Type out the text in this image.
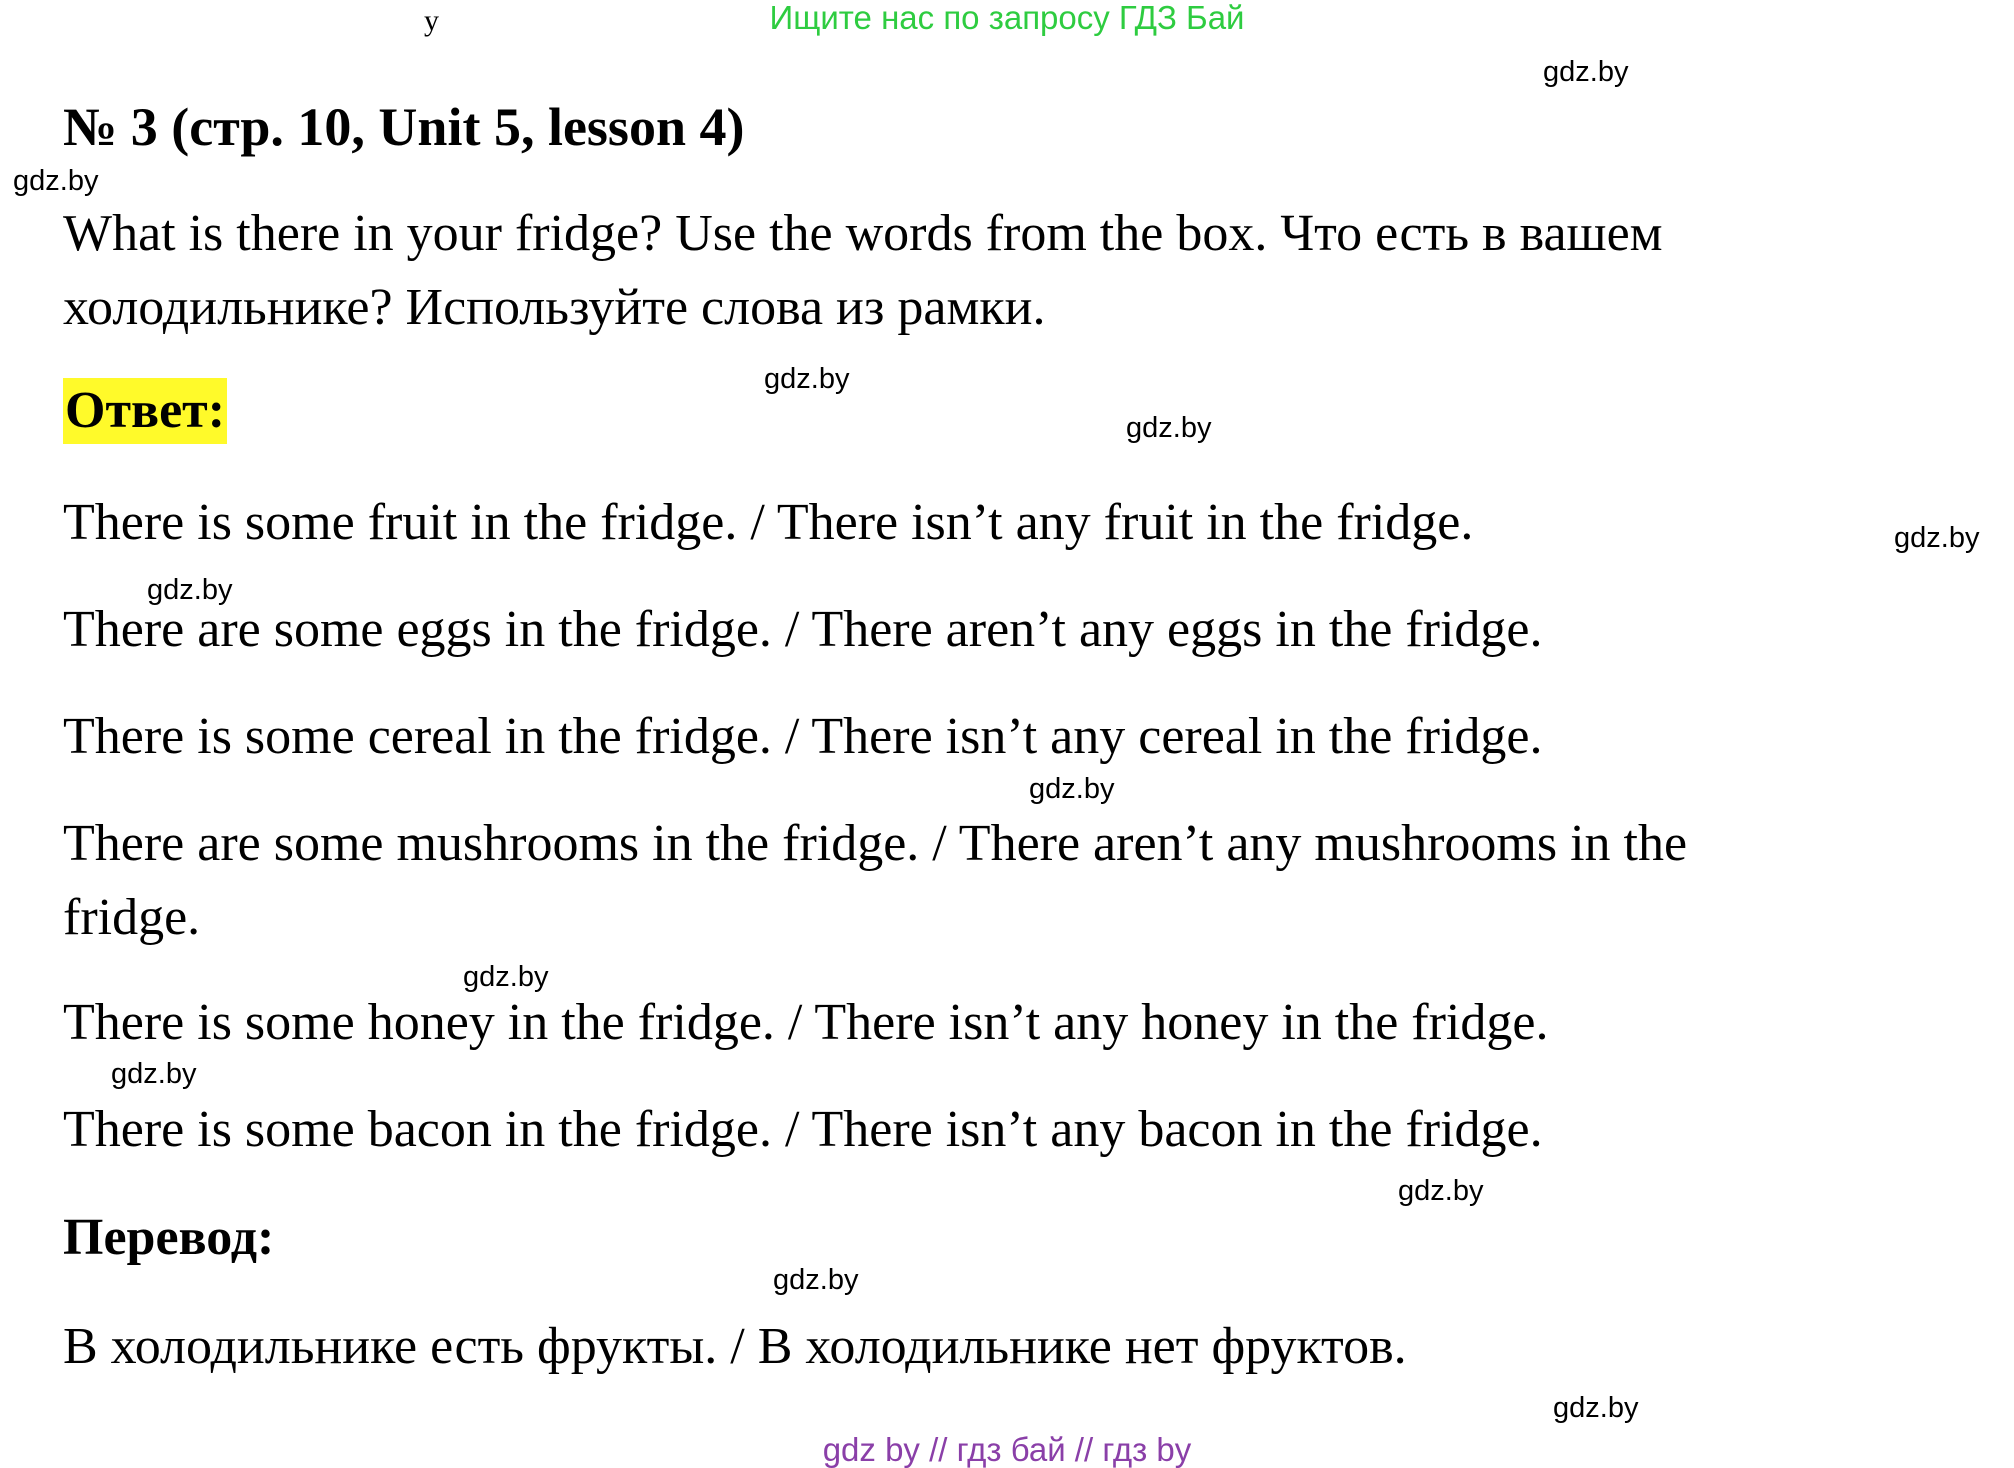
Ищите нас по запросу ГДЗ Бай
y
№ 3 (стр. 10, Unit 5, lesson 4)
What is there in your fridge? Use the words from the box. Что есть в вашем
холодильнике? Используйте слова из рамки.
Ответ:
There is some fruit in the fridge. / There isn’t any fruit in the fridge.
There are some eggs in the fridge. / There aren’t any eggs in the fridge.
There is some cereal in the fridge. / There isn’t any cereal in the fridge.
There are some mushrooms in the fridge. / There aren’t any mushrooms in the
fridge.
There is some honey in the fridge. / There isn’t any honey in the fridge.
There is some bacon in the fridge. / There isn’t any bacon in the fridge.
Перевод:
В холодильнике есть фрукты. / В холодильнике нет фруктов.
gdz.by
gdz.by
gdz.by
gdz.by
gdz.by
gdz.by
gdz.by
gdz.by
gdz.by
gdz.by
gdz.by
gdz.by
gdz by // гдз бай // гдз by
